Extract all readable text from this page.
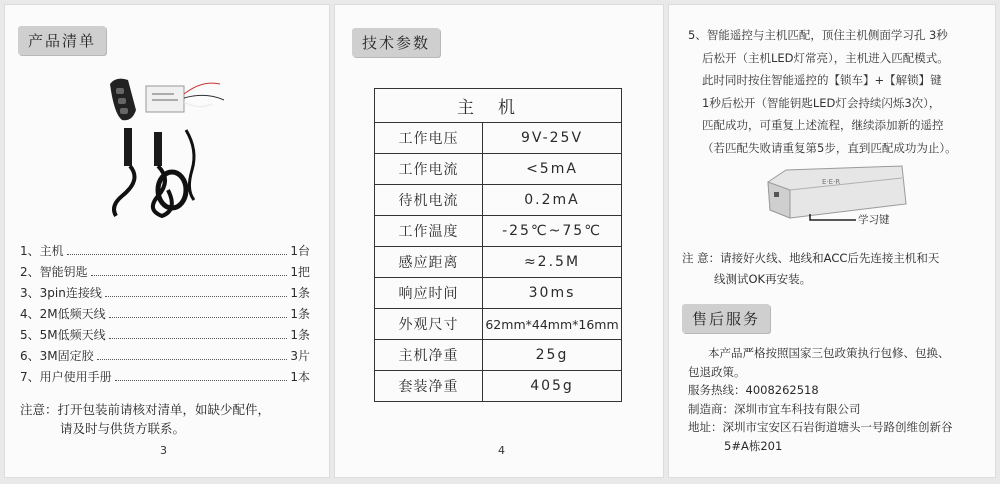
产品清单
1、主机	1台
2、智能钥匙	1把
3、3pin连接线	1条
4、2M低频天线	1条
5、5M低频天线	1条
6、3M固定胶	3片
7、用户使用手册	1本
注意：打开包装前请核对清单，如缺少配件，
请及时与供货方联系。
3
技术参数
主机	
工作电压	9V-25V
工作电流	<5mA
待机电流	0.2mA
工作温度	-25℃~75℃
感应距离	≈2.5M
响应时间	30ms
外观尺寸	62mm*44mm*16mm
主机净重	25g
套装净重	405g
4
5、智能遥控与主机匹配，顶住主机侧面学习孔 3秒
后松开（主机LED灯常亮），主机进入匹配模式。
此时同时按住智能遥控的【锁车】+【解锁】键
1秒后松开（智能钥匙LED灯会持续闪烁3次），
匹配成功，可重复上述流程，继续添加新的遥控
（若匹配失败请重复第5步，直到匹配成功为止）。
E·E·R
学习键
注 意：请接好火线、地线和ACC后先连接主机和天
线测试OK再安装。
售后服务
本产品严格按照国家三包政策执行包修、包换、
包退政策。
服务热线：4008262518
制造商：深圳市宜车科技有限公司
地址：深圳市宝安区石岩街道塘头一号路创维创新谷
5#A栋201
